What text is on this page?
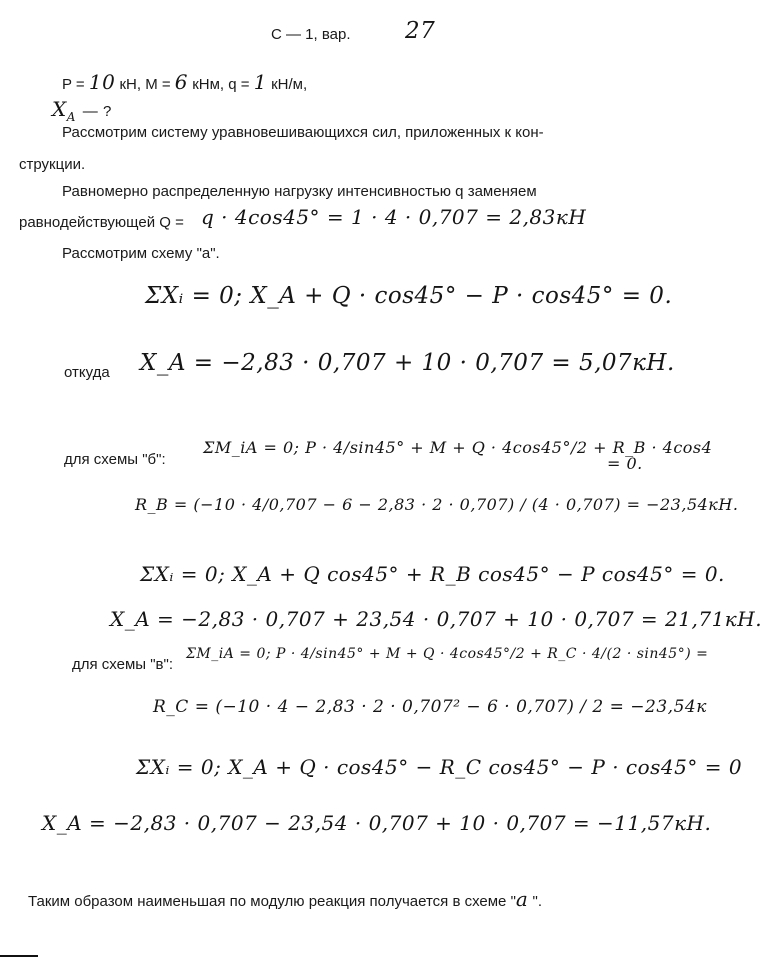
С — 1, вар. 27
P = 10 кН, M = 6 кНм, q = 1 кН/м,
$X_A$ — ?
Рассмотрим систему уравновешивающихся сил, приложенных к кон-
струкции.
Равномерно распределенную нагрузку интенсивностью q заменяем
равнодействующей Q = q · 4cos45° = 1 · 4 · 0,707 = 2,83кН
Рассмотрим схему "а".
ΣXᵢ = 0; X_A + Q · cos45° − P · cos45° = 0.
откуда X_A = −2,83 · 0,707 + 10 · 0,707 = 5,07кН.
для схемы "б":
ΣM_iA = 0; P · 4/sin45° + M + Q · 4cos45°/2 + R_B · 4cos4
= 0.
R_B = (−10 · 4/0,707 − 6 − 2,83 · 2 · 0,707) / (4 · 0,707) = −23,54кН.
ΣXᵢ = 0; X_A + Q cos45° + R_B cos45° − P cos45° = 0.
X_A = −2,83 · 0,707 + 23,54 · 0,707 + 10 · 0,707 = 21,71кН.
для схемы "в":
ΣM_iA = 0; P · 4/sin45° + M + Q · 4cos45°/2 + R_C · 4/(2 · sin45°) =
R_C = (−10 · 4 − 2,83 · 2 · 0,707² − 6 · 0,707) / 2 = −23,54к
ΣXᵢ = 0; X_A + Q · cos45° − R_C cos45° − P · cos45° = 0
X_A = −2,83 · 0,707 − 23,54 · 0,707 + 10 · 0,707 = −11,57кН.
Таким образом наименьшая по модулю реакция получается в схеме "а ".
